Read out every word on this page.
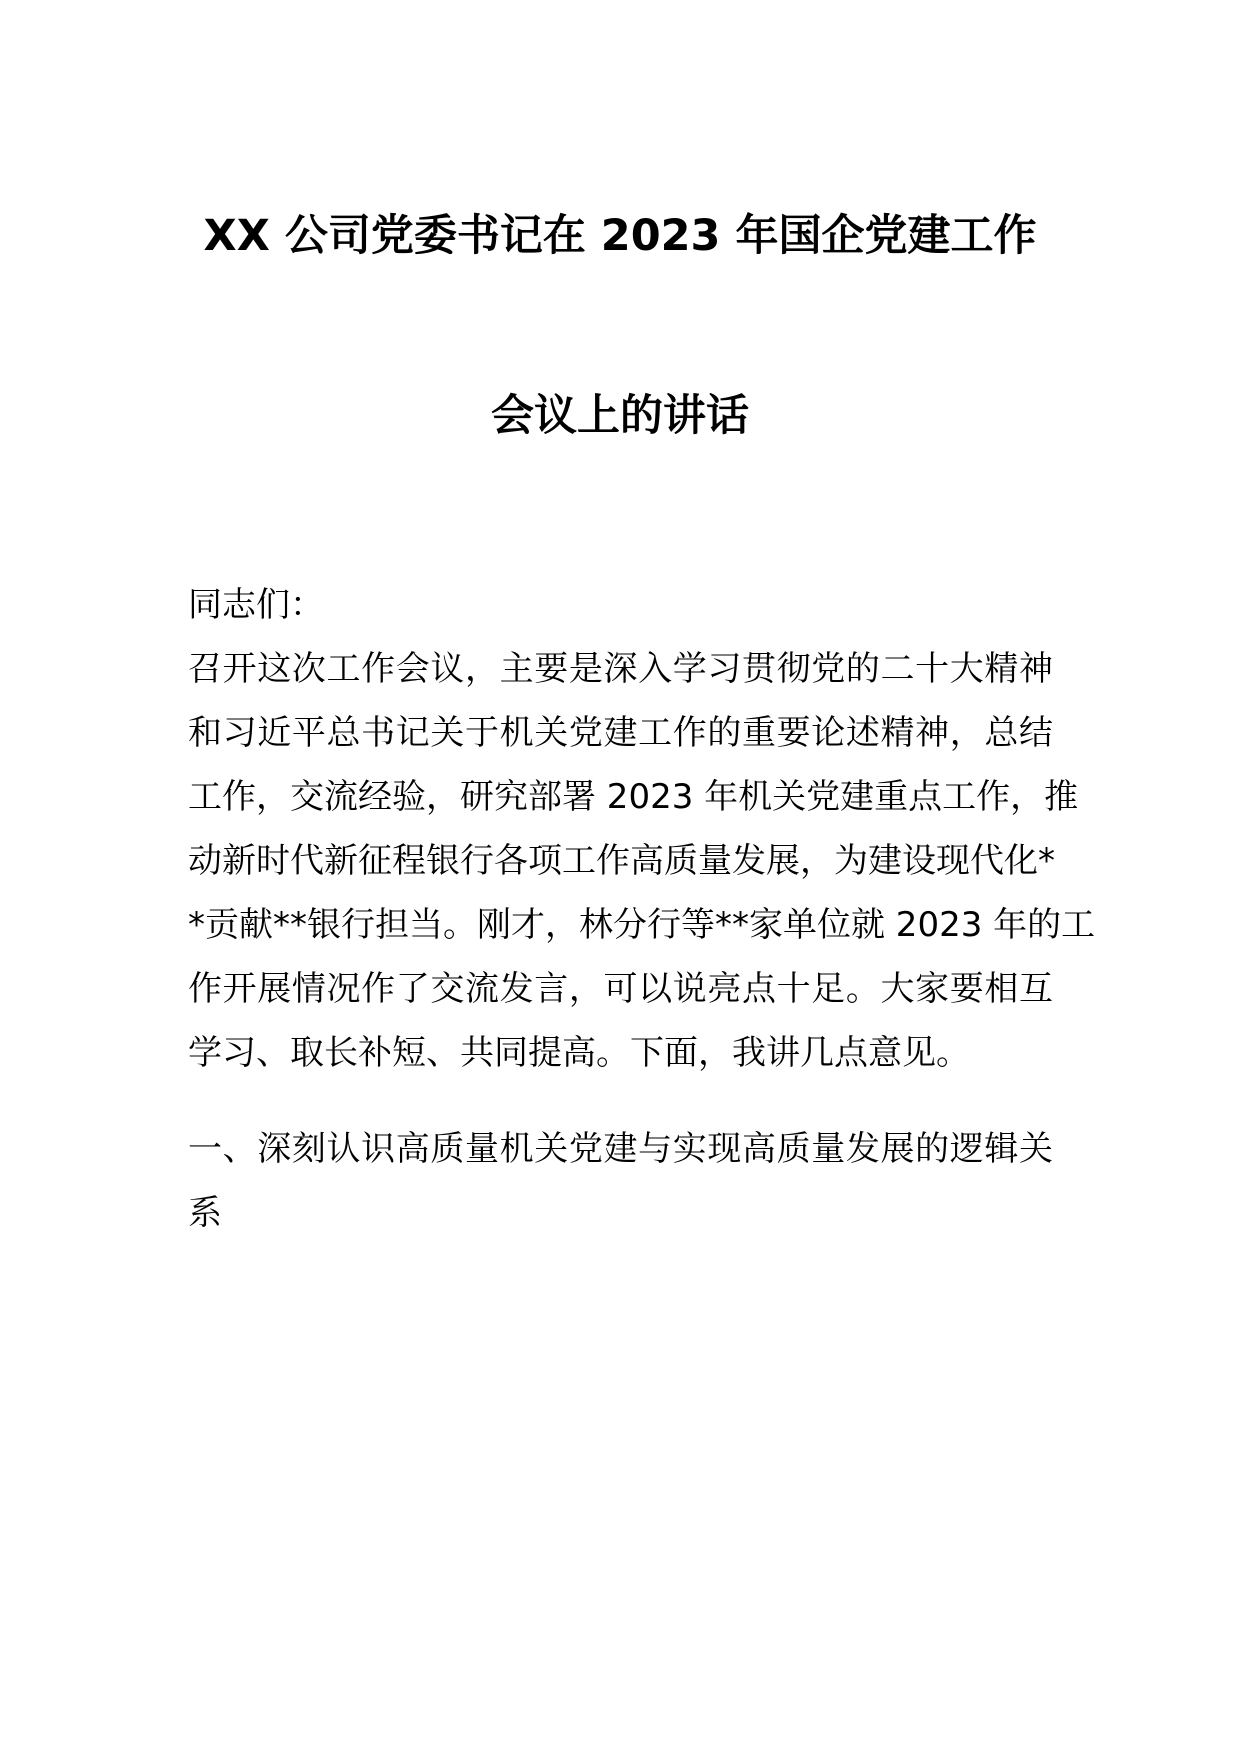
XX 公司党委书记在 2023 年国企党建工作
会议上的讲话
同志们：
召开这次工作会议，主要是深入学习贯彻党的二十大精神
和习近平总书记关于机关党建工作的重要论述精神，总结
工作，交流经验，研究部署 2023 年机关党建重点工作，推
动新时代新征程银行各项工作高质量发展，为建设现代化*
*贡献**银行担当。刚才，林分行等**家单位就 2023 年的工
作开展情况作了交流发言，可以说亮点十足。大家要相互
学习、取长补短、共同提高。下面，我讲几点意见。
一、深刻认识高质量机关党建与实现高质量发展的逻辑关
系
